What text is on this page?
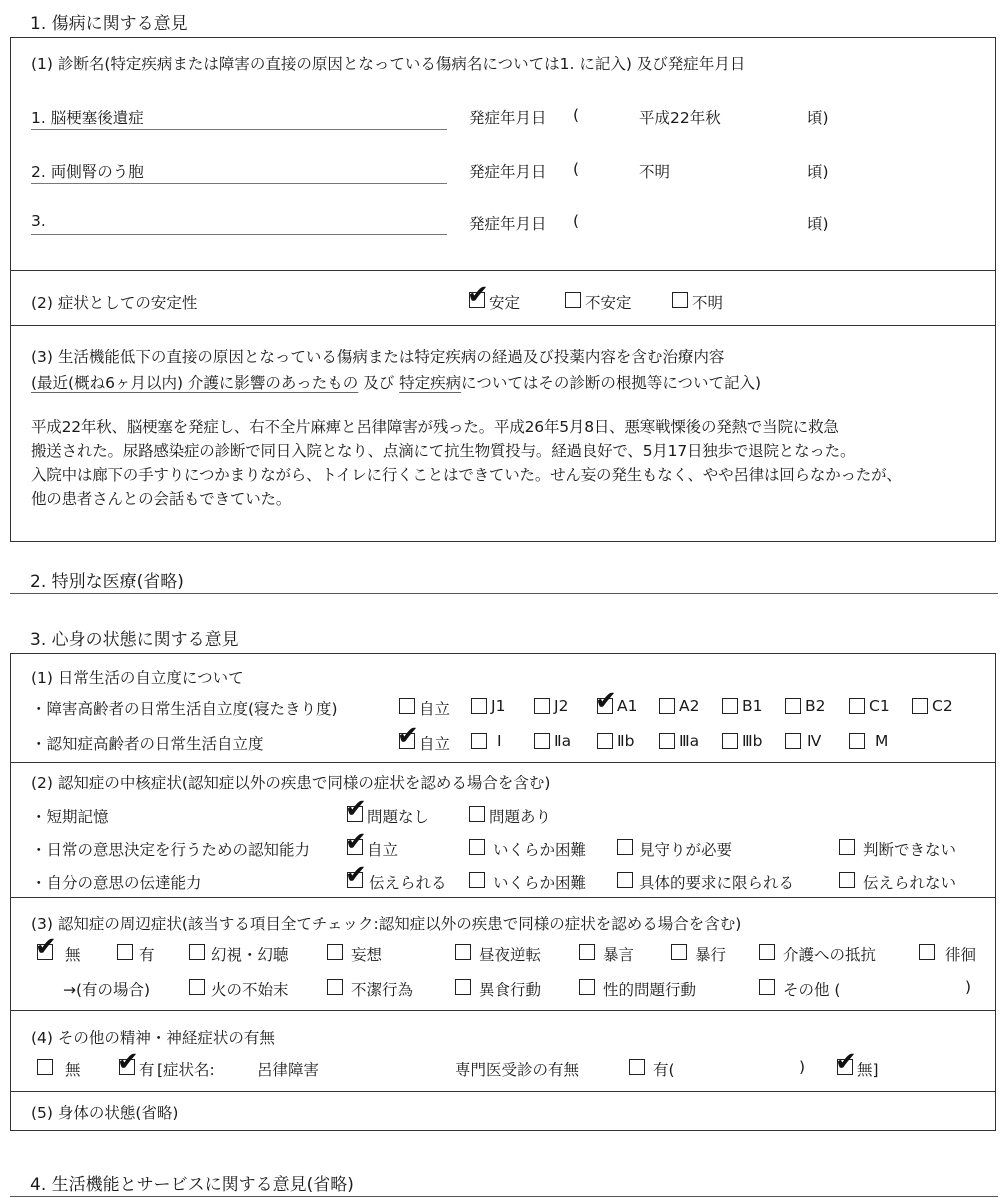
1. 傷病に関する意見
(1) 診断名(特定疾病または障害の直接の原因となっている傷病名については1. に記入) 及び発症年月日
1. 脳梗塞後遺症	発症年月日 (	平成22年秋	頃)
2. 両側腎のう胞	発症年月日 (	不明	頃)
3.	発症年月日 (	頃)
(2) 症状としての安定性	✔ 安定	不安定	不明
(3) 生活機能低下の直接の原因となっている傷病または特定疾病の経過及び投薬内容を含む治療内容
(最近(概ね6ヶ月以内) 介護に影響のあったもの 及び 特定疾病についてはその診断の根拠等について記入)
平成22年秋、脳梗塞を発症し、右不全片麻痺と呂律障害が残った。平成26年5月8日、悪寒戦慄後の発熱で当院に救急
搬送された。尿路感染症の診断で同日入院となり、点滴にて抗生物質投与。経過良好で、5月17日独歩で退院となった。
入院中は廊下の手すりにつかまりながら、トイレに行くことはできていた。せん妄の発生もなく、やや呂律は回らなかったが、
他の患者さんとの会話もできていた。
2. 特別な医療(省略)
3. 心身の状態に関する意見
(1) 日常生活の自立度について
・障害高齢者の日常生活自立度(寝たきり度)	自立	J1	J2 ✔ A1	A2	B1	B2	C1	C2
・認知症高齢者の日常生活自立度	✔ 自立	Ⅰ	Ⅱa	Ⅱb	Ⅲa	Ⅲb	Ⅳ	M
(2) 認知症の中核症状(認知症以外の疾患で同様の症状を認める場合を含む)
・短期記憶	✔ 問題なし	問題あり
・日常の意思決定を行うための認知能力 ✔ 自立	いくらか困難	見守りが必要	判断できない
・自分の意思の伝達能力	✔ 伝えられる	いくらか困難	具体的要求に限られる	伝えられない
(3) 認知症の周辺症状(該当する項目全てチェック:認知症以外の疾患で同様の症状を認める場合を含む)
✔ 無	有	幻視・幻聴	妄想	昼夜逆転	暴言	暴行	介護への抵抗	徘徊
→(有の場合)	火の不始末	不潔行為	異食行動	性的問題行動	その他 (	)
(4) その他の精神・神経症状の有無
無 ✔ 有 [症状名:	呂律障害	専門医受診の有無	有(	) ✔ 無]
(5) 身体の状態(省略)
4. 生活機能とサービスに関する意見(省略)
